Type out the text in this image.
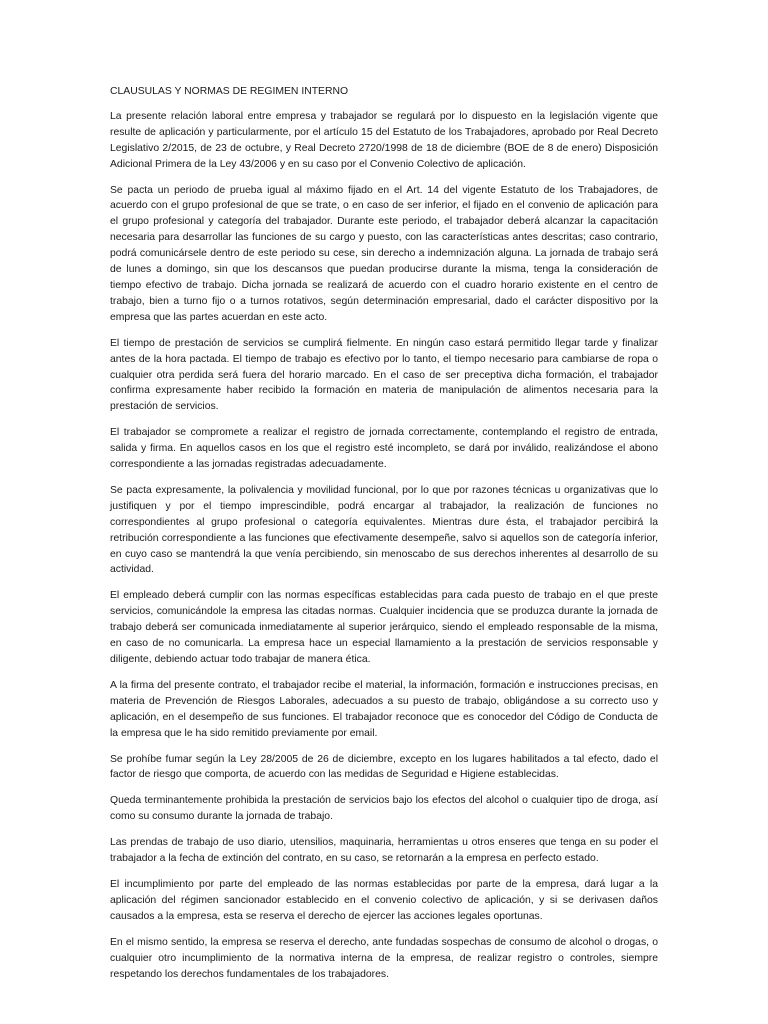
CLAUSULAS Y NORMAS DE REGIMEN INTERNO

La presente relación laboral entre empresa y trabajador se regulará por lo dispuesto en la legislación vigente que resulte de aplicación y particularmente, por el artículo 15 del Estatuto de los Trabajadores, aprobado por Real Decreto Legislativo 2/2015, de 23 de octubre, y Real Decreto 2720/1998 de 18 de diciembre (BOE de 8 de enero) Disposición Adicional Primera de la Ley 43/2006 y en su caso por el Convenio Colectivo de aplicación.

Se pacta un periodo de prueba igual al máximo fijado en el Art. 14 del vigente Estatuto de los Trabajadores, de acuerdo con el grupo profesional de que se trate, o en caso de ser inferior, el fijado en el convenio de aplicación para el grupo profesional y categoría del trabajador. Durante este periodo, el trabajador deberá alcanzar la capacitación necesaria para desarrollar las funciones de su cargo y puesto, con las características antes descritas; caso contrario, podrá comunicársele dentro de este periodo su cese, sin derecho a indemnización alguna. La jornada de trabajo será de lunes a domingo, sin que los descansos que puedan producirse durante la misma, tenga la consideración de tiempo efectivo de trabajo. Dicha jornada se realizará de acuerdo con el cuadro horario existente en el centro de trabajo, bien a turno fijo o a turnos rotativos, según determinación empresarial, dado el carácter dispositivo por la empresa que las partes acuerdan en este acto.

El tiempo de prestación de servicios se cumplirá fielmente. En ningún caso estará permitido llegar tarde y finalizar antes de la hora pactada. El tiempo de trabajo es efectivo por lo tanto, el tiempo necesario para cambiarse de ropa o cualquier otra perdida será fuera del horario marcado. En el caso de ser preceptiva dicha formación, el trabajador confirma expresamente haber recibido la formación en materia de manipulación de alimentos necesaria para la prestación de servicios.

El trabajador se compromete a realizar el registro de jornada correctamente, contemplando el registro de entrada, salida y firma. En aquellos casos en los que el registro esté incompleto, se dará por inválido, realizándose el abono correspondiente a las jornadas registradas adecuadamente.

Se pacta expresamente, la polivalencia y movilidad funcional, por lo que por razones técnicas u organizativas que lo justifiquen y por el tiempo imprescindible, podrá encargar al trabajador, la realización de funciones no correspondientes al grupo profesional o categoría equivalentes. Mientras dure ésta, el trabajador percibirá la retribución correspondiente a las funciones que efectivamente desempeñe, salvo si aquellos son de categoría inferior, en cuyo caso se mantendrá la que venía percibiendo, sin menoscabo de sus derechos inherentes al desarrollo de su actividad.

El empleado deberá cumplir con las normas específicas establecidas para cada puesto de trabajo en el que preste servicios, comunicándole la empresa las citadas normas. Cualquier incidencia que se produzca durante la jornada de trabajo deberá ser comunicada inmediatamente al superior jerárquico, siendo el empleado responsable de la misma, en caso de no comunicarla. La empresa hace un especial llamamiento a la prestación de servicios responsable y diligente, debiendo actuar todo trabajar de manera ética.

A la firma del presente contrato, el trabajador recibe el material, la información, formación e instrucciones precisas, en materia de Prevención de Riesgos Laborales, adecuados a su puesto de trabajo, obligándose a su correcto uso y aplicación, en el desempeño de sus funciones. El trabajador reconoce que es conocedor del Código de Conducta de la empresa que le ha sido remitido previamente por email.

Se prohíbe fumar según la Ley 28/2005 de 26 de diciembre, excepto en los lugares habilitados a tal efecto, dado el factor de riesgo que comporta, de acuerdo con las medidas de Seguridad e Higiene establecidas.

Queda terminantemente prohibida la prestación de servicios bajo los efectos del alcohol o cualquier tipo de droga, así como su consumo durante la jornada de trabajo.

Las prendas de trabajo de uso diario, utensilios, maquinaria, herramientas u otros enseres que tenga en su poder el trabajador a la fecha de extinción del contrato, en su caso, se retornarán a la empresa en perfecto estado.

El incumplimiento por parte del empleado de las normas establecidas por parte de la empresa, dará lugar a la aplicación del régimen sancionador establecido en el convenio colectivo de aplicación, y si se derivasen daños causados a la empresa, esta se reserva el derecho de ejercer las acciones legales oportunas.

En el mismo sentido, la empresa se reserva el derecho, ante fundadas sospechas de consumo de alcohol o drogas, o cualquier otro incumplimiento de la normativa interna de la empresa, de realizar registro o controles, siempre respetando los derechos fundamentales de los trabajadores.
